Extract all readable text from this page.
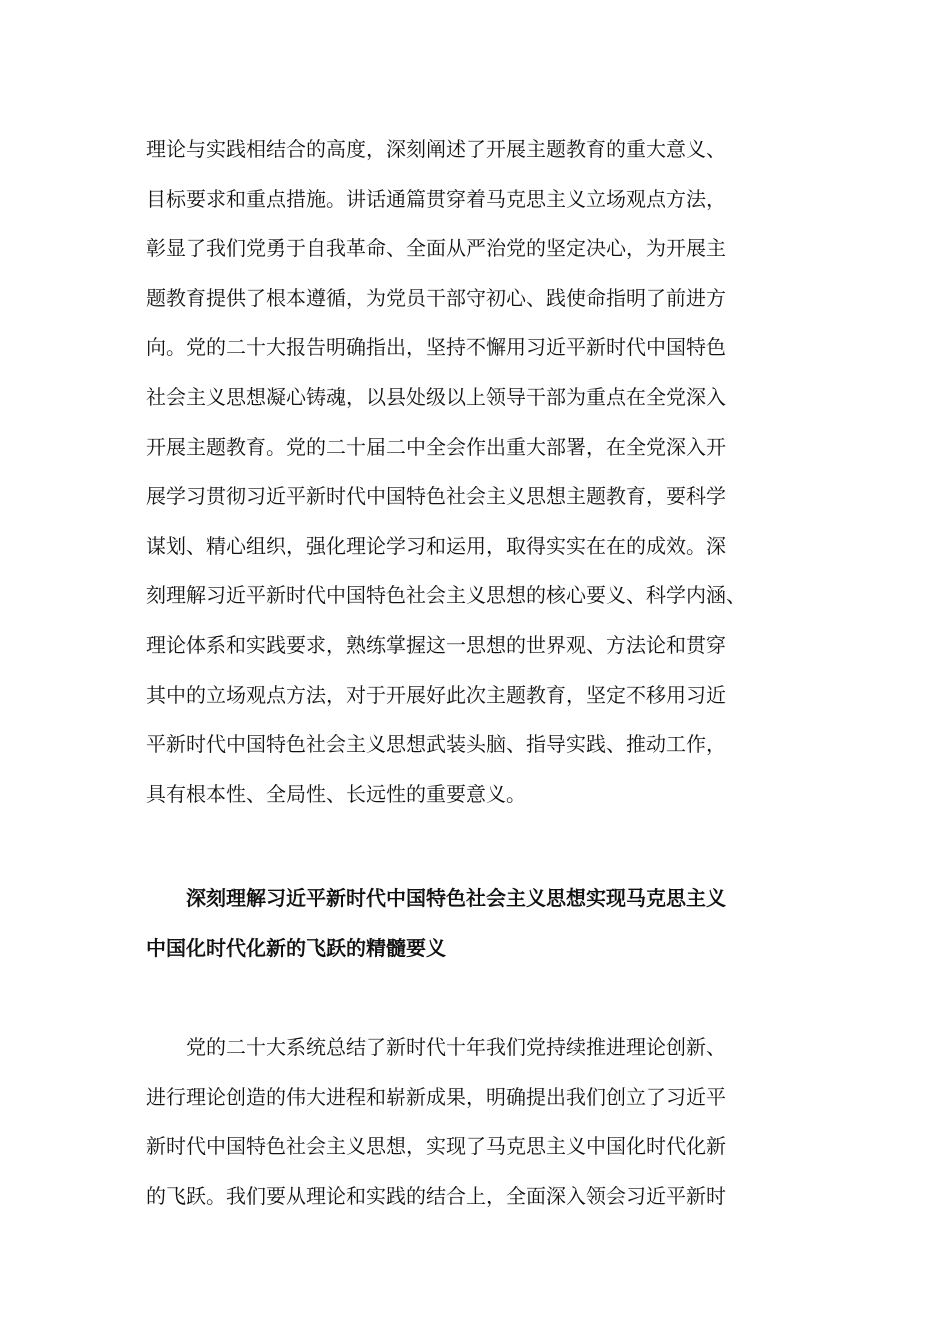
理论与实践相结合的高度，深刻阐述了开展主题教育的重大意义、
目标要求和重点措施。讲话通篇贯穿着马克思主义立场观点方法，
彰显了我们党勇于自我革命、全面从严治党的坚定决心，为开展主
题教育提供了根本遵循，为党员干部守初心、践使命指明了前进方
向。党的二十大报告明确指出，坚持不懈用习近平新时代中国特色
社会主义思想凝心铸魂，以县处级以上领导干部为重点在全党深入
开展主题教育。党的二十届二中全会作出重大部署，在全党深入开
展学习贯彻习近平新时代中国特色社会主义思想主题教育，要科学
谋划、精心组织，强化理论学习和运用，取得实实在在的成效。深
刻理解习近平新时代中国特色社会主义思想的核心要义、科学内涵、
理论体系和实践要求，熟练掌握这一思想的世界观、方法论和贯穿
其中的立场观点方法，对于开展好此次主题教育，坚定不移用习近
平新时代中国特色社会主义思想武装头脑、指导实践、推动工作，
具有根本性、全局性、长远性的重要意义。
深刻理解习近平新时代中国特色社会主义思想实现马克思主义
中国化时代化新的飞跃的精髓要义
党的二十大系统总结了新时代十年我们党持续推进理论创新、
进行理论创造的伟大进程和崭新成果，明确提出我们创立了习近平
新时代中国特色社会主义思想，实现了马克思主义中国化时代化新
的飞跃。我们要从理论和实践的结合上，全面深入领会习近平新时
